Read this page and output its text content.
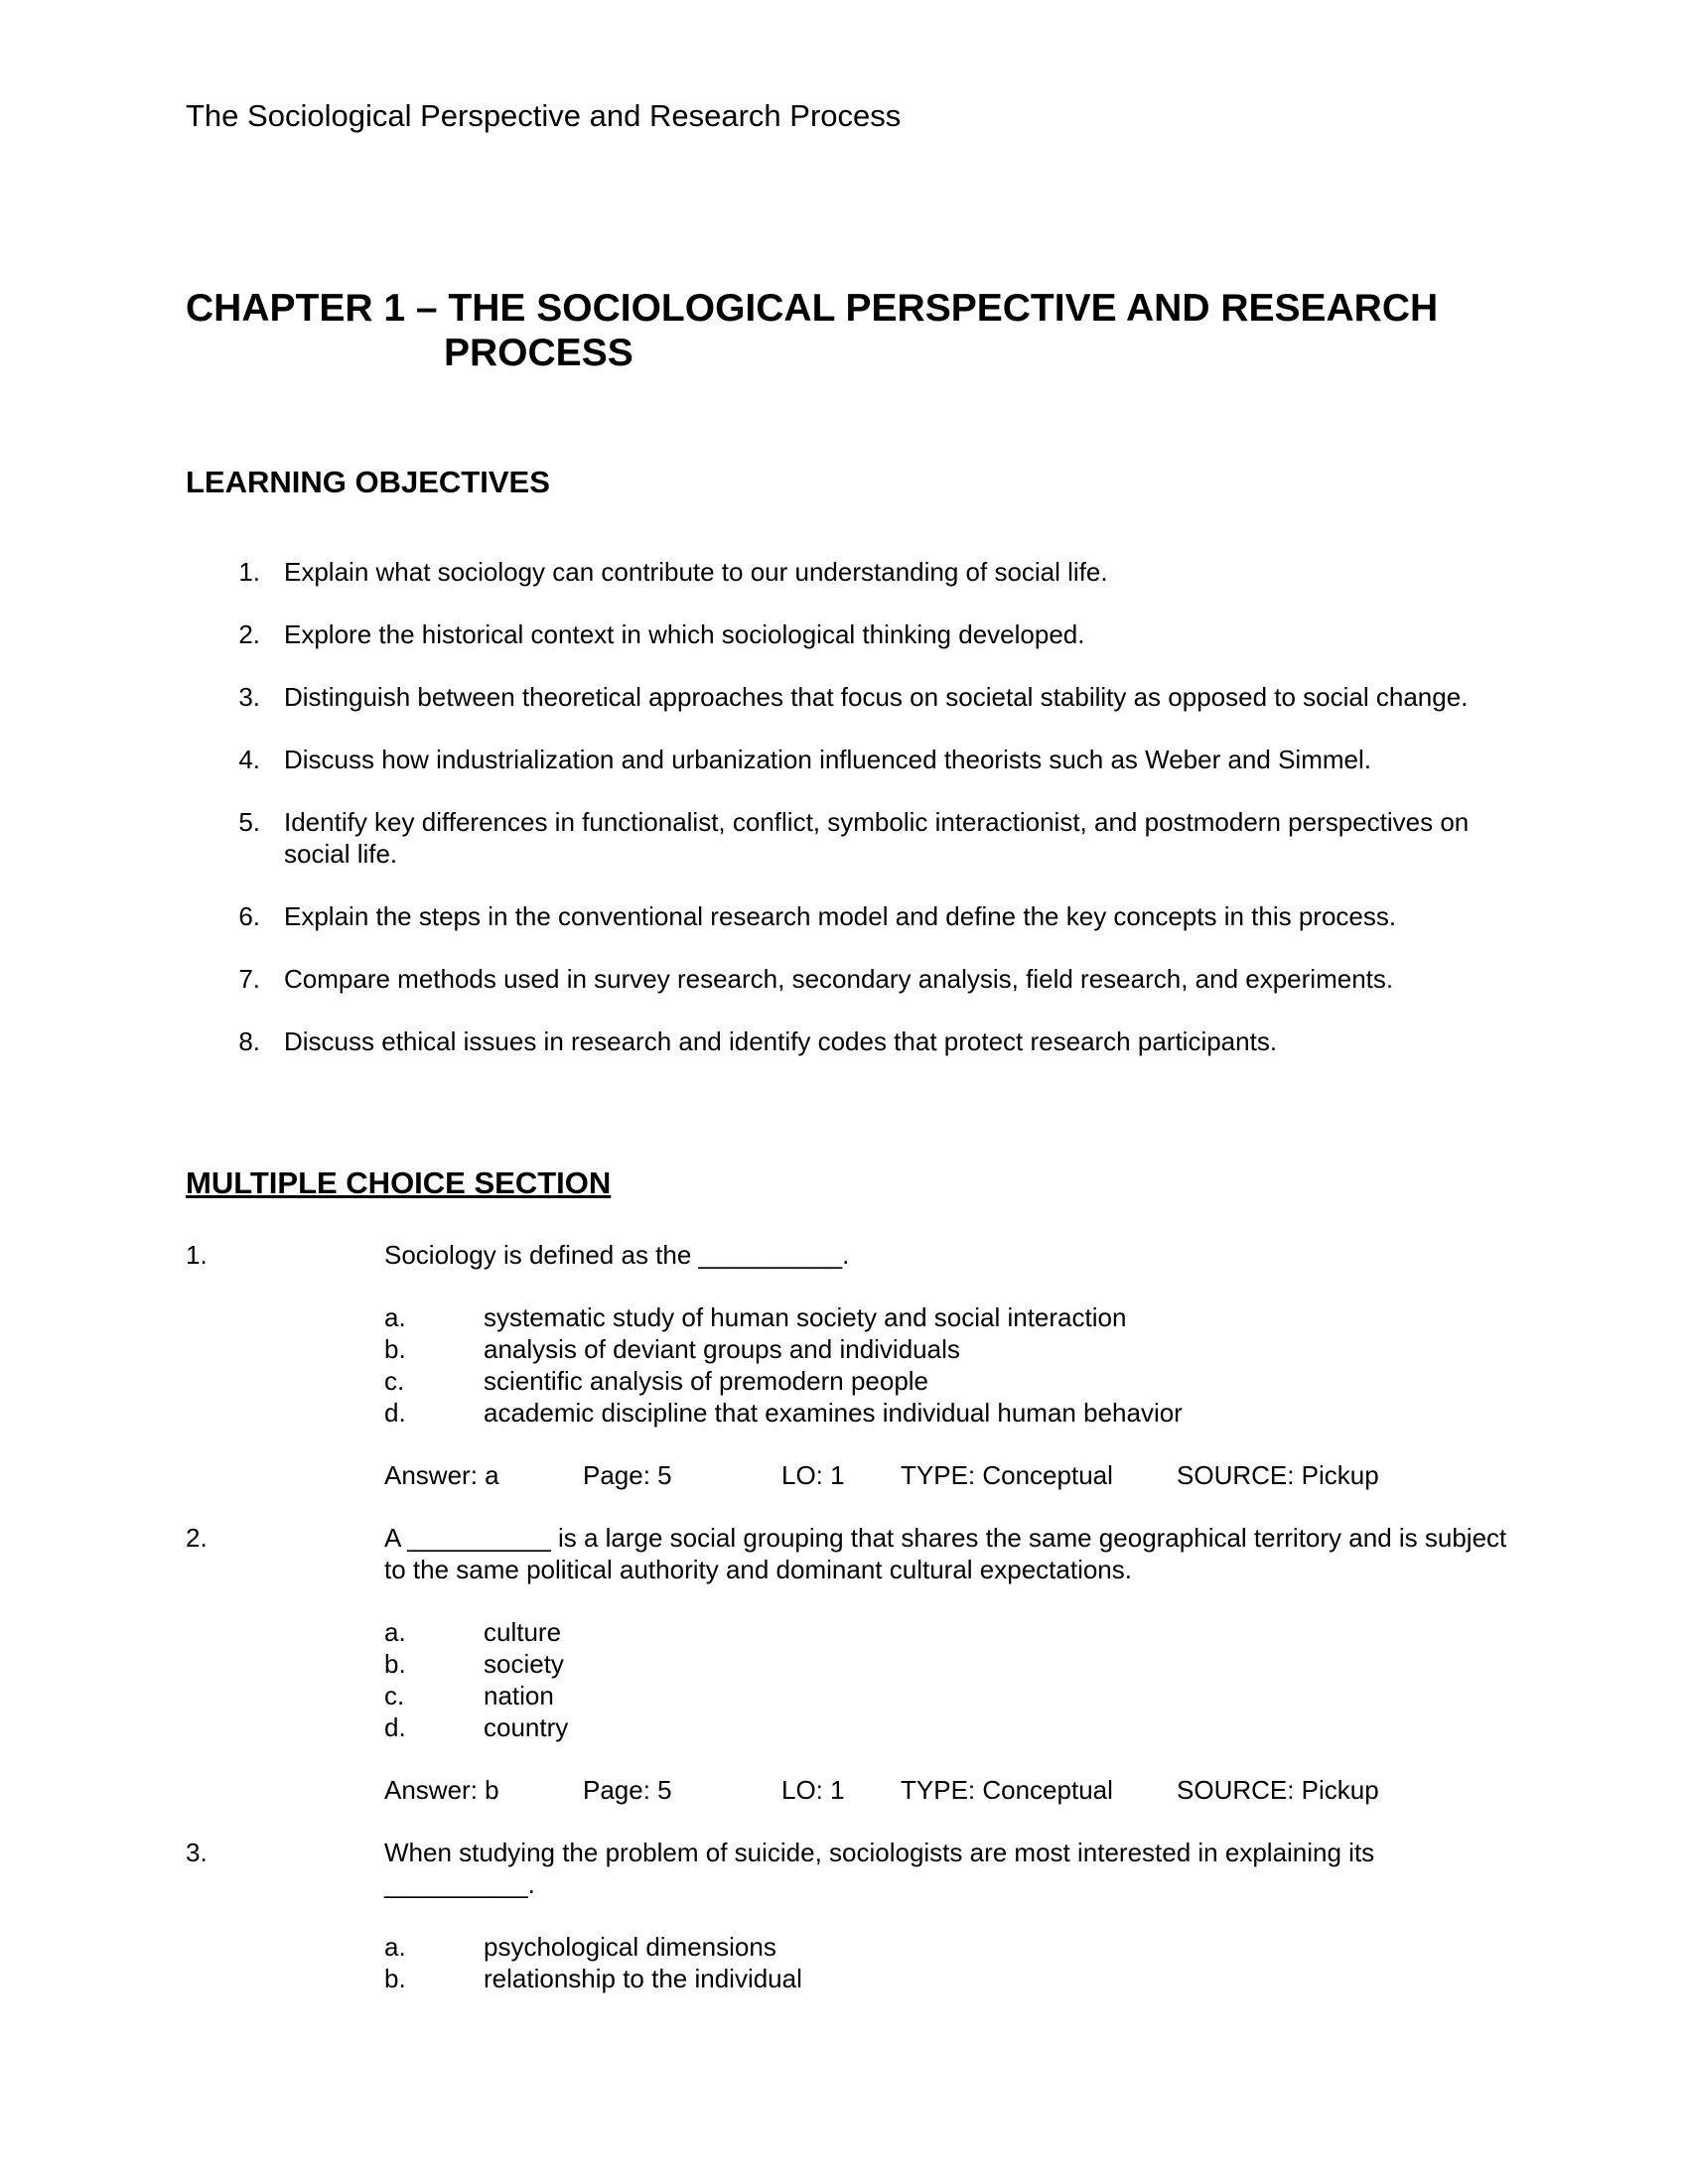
The Sociological Perspective and Research Process
CHAPTER 1 – THE SOCIOLOGICAL PERSPECTIVE AND RESEARCH
PROCESS
LEARNING OBJECTIVES
1. Explain what sociology can contribute to our understanding of social life.
2. Explore the historical context in which sociological thinking developed.
3. Distinguish between theoretical approaches that focus on societal stability as opposed to social change.
4. Discuss how industrialization and urbanization influenced theorists such as Weber and Simmel.
5. Identify key differences in functionalist, conflict, symbolic interactionist, and postmodern perspectives on social life.
6. Explain the steps in the conventional research model and define the key concepts in this process.
7. Compare methods used in survey research, secondary analysis, field research, and experiments.
8. Discuss ethical issues in research and identify codes that protect research participants.
MULTIPLE CHOICE SECTION
1.	Sociology is defined as the __________.
a.	systematic study of human society and social interaction
b.	analysis of deviant groups and individuals
c.	scientific analysis of premodern people
d.	academic discipline that examines individual human behavior
Answer: a	Page: 5	LO: 1	TYPE: Conceptual	SOURCE: Pickup
2.	A __________ is a large social grouping that shares the same geographical territory and is subject to the same political authority and dominant cultural expectations.
a.	culture
b.	society
c.	nation
d.	country
Answer: b	Page: 5	LO: 1	TYPE: Conceptual	SOURCE: Pickup
3.	When studying the problem of suicide, sociologists are most interested in explaining its __________.
a.	psychological dimensions
b.	relationship to the individual
